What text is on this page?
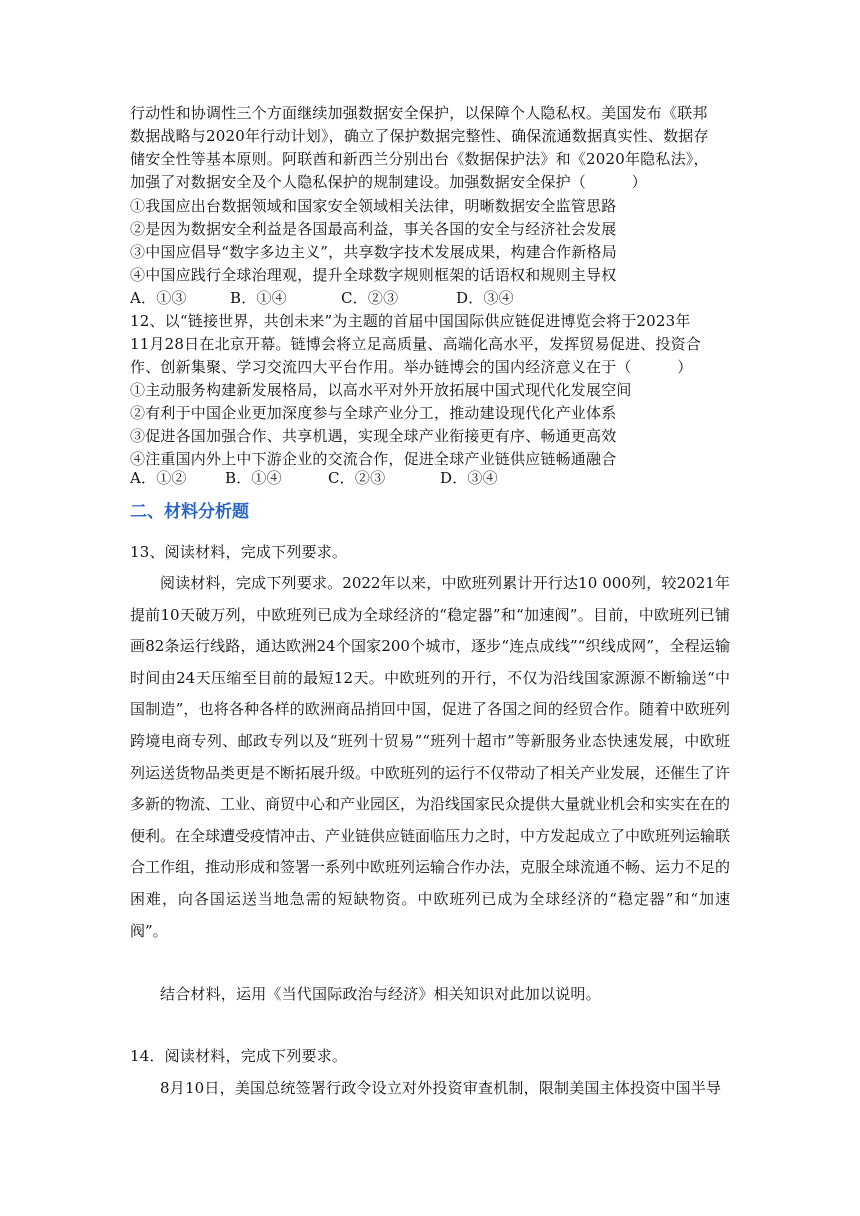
行动性和协调性三个方面继续加强数据安全保护，以保障个人隐私权。美国发布《联邦
数据战略与2020年行动计划》，确立了保护数据完整性、确保流通数据真实性、数据存
储安全性等基本原则。阿联酋和新西兰分别出台《数据保护法》和《2020年隐私法》，
加强了对数据安全及个人隐私保护的规制建设。加强数据安全保护（　　　）
①我国应出台数据领域和国家安全领域相关法律，明晰数据安全监管思路
②是因为数据安全利益是各国最高利益，事关各国的安全与经济社会发展
③中国应倡导“数字多边主义”，共享数字技术发展成果，构建合作新格局
④中国应践行全球治理观，提升全球数字规则框架的话语权和规则主导权
A．①③	B．①④	C．②③	D．③④
12、以“链接世界，共创未来”为主题的首届中国国际供应链促进博览会将于2023年
11月28日在北京开幕。链博会将立足高质量、高端化高水平，发挥贸易促进、投资合
作、创新集聚、学习交流四大平台作用。举办链博会的国内经济意义在于（　　　）
①主动服务构建新发展格局，以高水平对外开放拓展中国式现代化发展空间
②有利于中国企业更加深度参与全球产业分工，推动建设现代化产业体系
③促进各国加强合作、共享机遇，实现全球产业衔接更有序、畅通更高效
④注重国内外上中下游企业的交流合作，促进全球产业链供应链畅通融合
A．①②	B．①④	C．②③	D．③④
二、材料分析题
13、阅读材料，完成下列要求。
阅读材料，完成下列要求。2022年以来，中欧班列累计开行达10 000列，较2021年提前10天破万列，中欧班列已成为全球经济的“稳定器”和“加速阀”。目前，中欧班列已铺画82条运行线路，通达欧洲24个国家200个城市，逐步“连点成线”“织线成网”，全程运输时间由24天压缩至目前的最短12天。中欧班列的开行，不仅为沿线国家源源不断输送“中国制造”，也将各种各样的欧洲商品捎回中国，促进了各国之间的经贸合作。随着中欧班列跨境电商专列、邮政专列以及“班列十贸易”“班列十超市”等新服务业态快速发展，中欧班列运送货物品类更是不断拓展升级。中欧班列的运行不仅带动了相关产业发展，还催生了许多新的物流、工业、商贸中心和产业园区，为沿线国家民众提供大量就业机会和实实在在的便利。在全球遭受疫情冲击、产业链供应链面临压力之时，中方发起成立了中欧班列运输联合工作组，推动形成和签署一系列中欧班列运输合作办法，克服全球流通不畅、运力不足的困难，向各国运送当地急需的短缺物资。中欧班列已成为全球经济的“稳定器”和“加速阀”。
结合材料，运用《当代国际政治与经济》相关知识对此加以说明。
14．阅读材料，完成下列要求。
8月10日，美国总统签署行政令设立对外投资审查机制，限制美国主体投资中国半导
